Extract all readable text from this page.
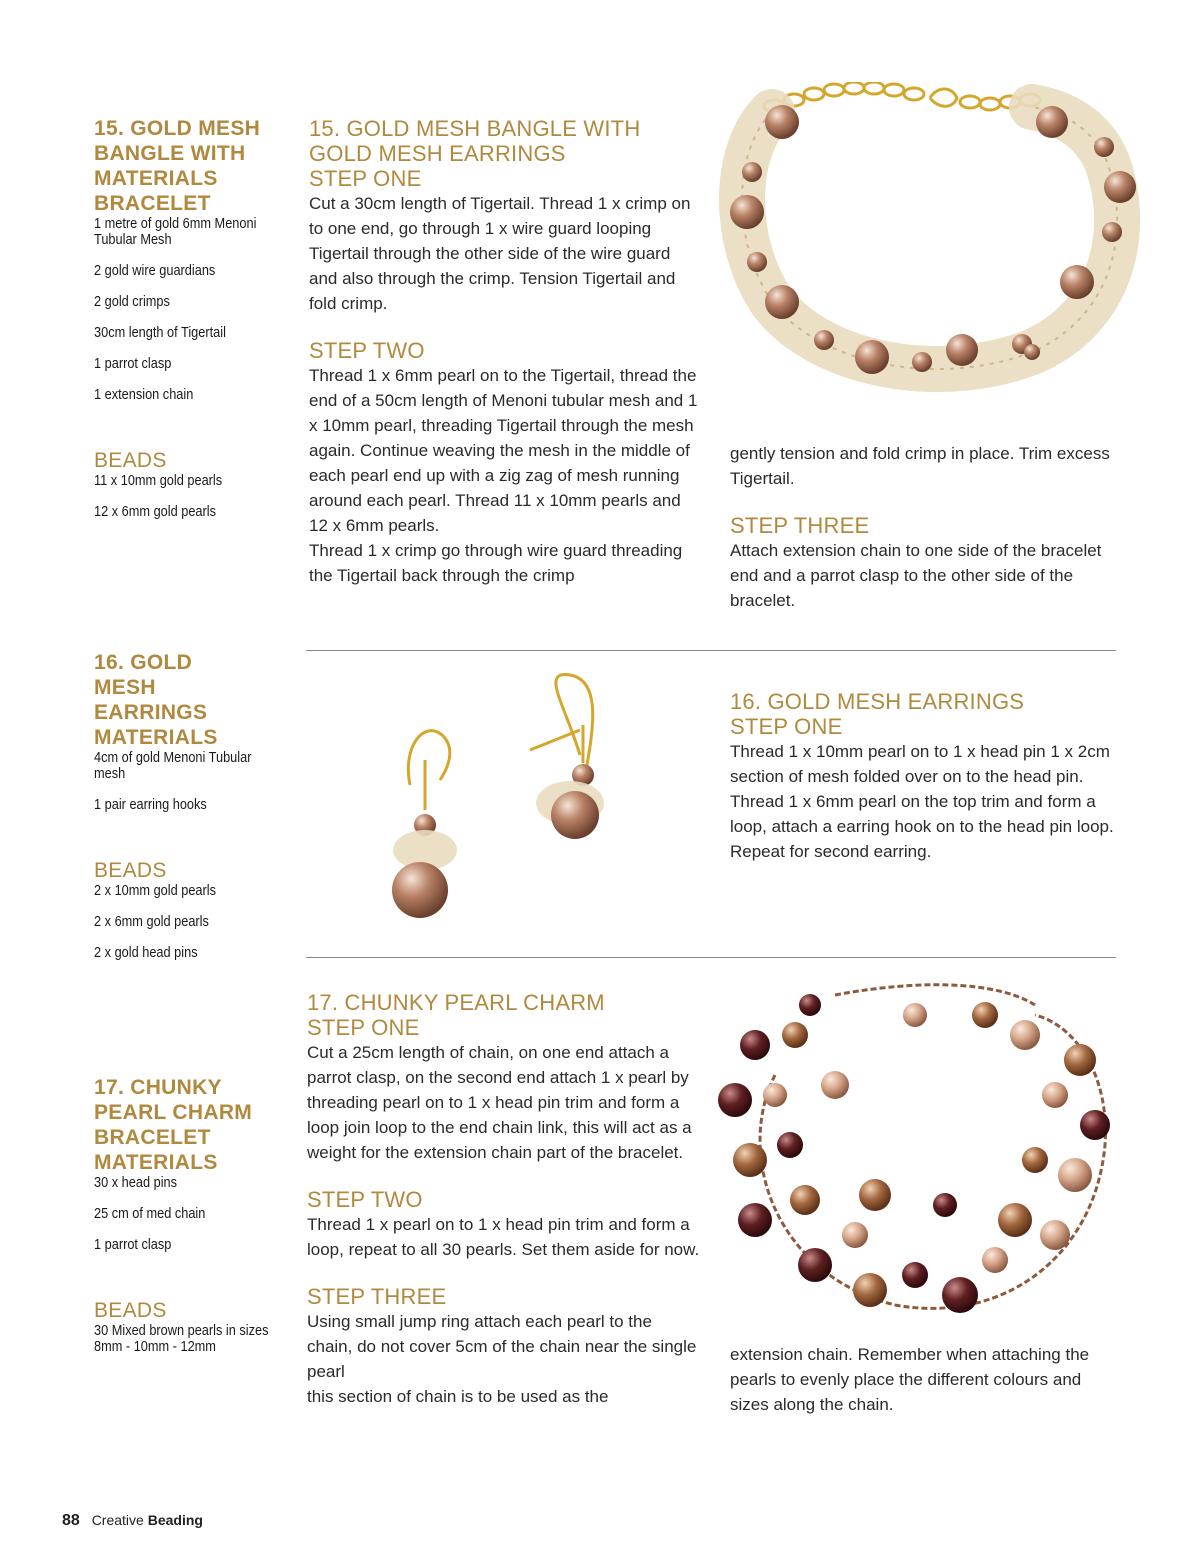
15. GOLD MESH
BANGLE WITH
MATERIALS
BRACELET
1 metre of gold 6mm Menoni Tubular Mesh
2 gold wire guardians
2 gold crimps
30cm length of Tigertail
1 parrot clasp
1 extension chain
BEADS
11 x 10mm gold pearls
12 x 6mm gold pearls
16. GOLD
MESH
EARRINGS
MATERIALS
4cm of gold Menoni Tubular mesh
1 pair earring hooks
BEADS
2 x 10mm gold pearls
2 x 6mm gold pearls
2 x gold head pins
17. CHUNKY
PEARL CHARM
BRACELET
MATERIALS
30 x head pins
25 cm of med chain
1 parrot clasp
BEADS
30 Mixed brown pearls in sizes 8mm - 10mm - 12mm
15. GOLD MESH BANGLE WITH
GOLD MESH EARRINGS
STEP ONE

Cut a 30cm length of Tigertail. Thread 1 x crimp on to one end, go through 1 x wire guard looping Tigertail through the other side of the wire guard and also through the crimp. Tension Tigertail and fold crimp.

STEP TWO

Thread 1 x 6mm pearl on to the Tigertail, thread the end of a 50cm length of Menoni tubular mesh and 1 x 10mm pearl, threading Tigertail through the mesh again. Continue weaving the mesh in the middle of each pearl end up with a zig zag of mesh running around each pearl. Thread 11 x 10mm pearls and 12 x 6mm pearls.

Thread 1 x crimp go through wire guard threading the Tigertail back through the crimp

gently tension and fold crimp in place. Trim excess Tigertail.

STEP THREE

Attach extension chain to one side of the bracelet end and a parrot clasp to the other side of the bracelet.

16. GOLD MESH EARRINGS
STEP ONE

Thread 1 x 10mm pearl on to 1 x head pin 1 x 2cm section of mesh folded over on to the head pin. Thread 1 x 6mm pearl on the top trim and form a loop, attach a earring hook on to the head pin loop. Repeat for second earring.

17. CHUNKY PEARL CHARM
STEP ONE

Cut a 25cm length of chain, on one end attach a parrot clasp, on the second end attach 1 x pearl by threading pearl on to 1 x head pin trim and form a loop join loop to the end chain link, this will act as a weight for the extension chain part of the bracelet.

STEP TWO

Thread 1 x pearl on to 1 x head pin trim and form a loop, repeat to all 30 pearls. Set them aside for now.

STEP THREE

Using small jump ring attach each pearl to the chain, do not cover 5cm of the chain near the single pearl

this section of chain is to be used as the

extension chain. Remember when attaching the pearls to evenly place the different colours and sizes along the chain.

88 Creative Beading
